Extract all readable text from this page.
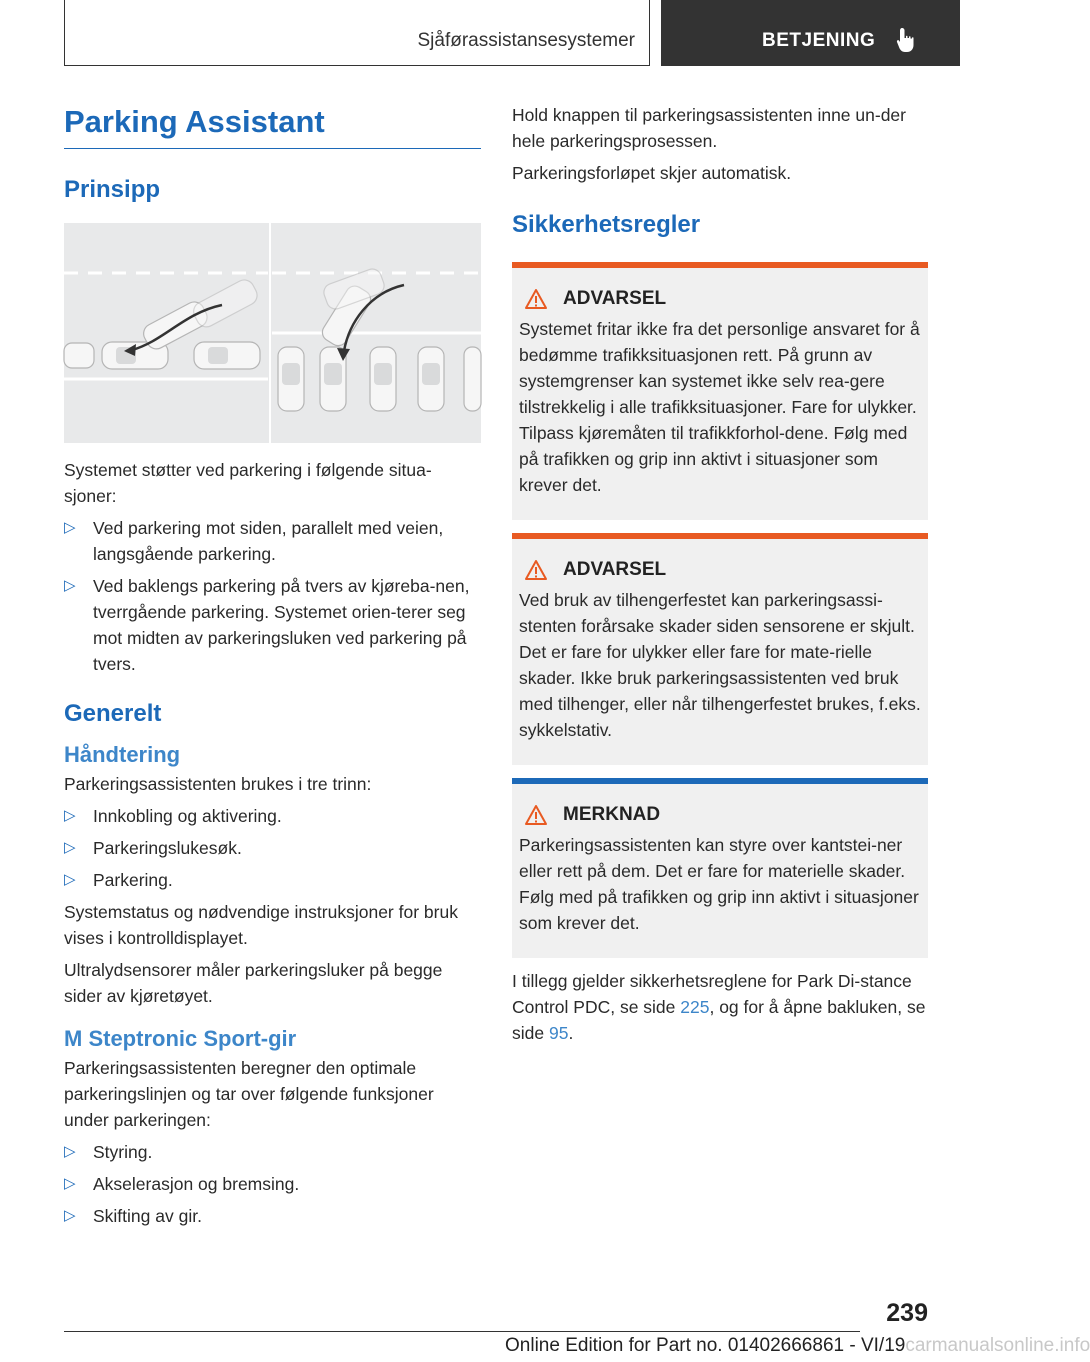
Sjåførassistansesystemer	BETJENING
Parking Assistant
Prinsipp
Systemet støtter ved parkering i følgende situa-sjoner:
▷ Ved parkering mot siden, parallelt med veien, langsgående parkering.
▷ Ved baklengs parkering på tvers av kjøreba-nen, tverrgående parkering. Systemet orien-terer seg mot midten av parkeringsluken ved parkering på tvers.
Generelt
Håndtering
Parkeringsassistenten brukes i tre trinn:
▷ Innkobling og aktivering.
▷ Parkeringslukesøk.
▷ Parkering.
Systemstatus og nødvendige instruksjoner for bruk vises i kontrolldisplayet.
Ultralydsensorer måler parkeringsluker på begge sider av kjøretøyet.
M Steptronic Sport-gir
Parkeringsassistenten beregner den optimale parkeringslinjen og tar over følgende funksjoner under parkeringen:
▷ Styring.
▷ Akselerasjon og bremsing.
▷ Skifting av gir.
Hold knappen til parkeringsassistenten inne un-der hele parkeringsprosessen.
Parkeringsforløpet skjer automatisk.
Sikkerhetsregler
ADVARSEL
Systemet fritar ikke fra det personlige ansvaret for å bedømme trafikksituasjonen rett. På grunn av systemgrenser kan systemet ikke selv rea-gere tilstrekkelig i alle trafikksituasjoner. Fare for ulykker. Tilpass kjøremåten til trafikkforhol-dene. Følg med på trafikken og grip inn aktivt i situasjoner som krever det.
ADVARSEL
Ved bruk av tilhengerfestet kan parkeringsassi-stenten forårsake skader siden sensorene er skjult. Det er fare for ulykker eller fare for mate-rielle skader. Ikke bruk parkeringsassistenten ved bruk med tilhenger, eller når tilhengerfestet brukes, f.eks. sykkelstativ.
MERKNAD
Parkeringsassistenten kan styre over kantstei-ner eller rett på dem. Det er fare for materielle skader. Følg med på trafikken og grip inn aktivt i situasjoner som krever det.
I tillegg gjelder sikkerhetsreglene for Park Di-stance Control PDC, se side 225, og for å åpne bakluken, se side 95.
239
Online Edition for Part no. 01402666861 - VI/19carmanualsonline.info
